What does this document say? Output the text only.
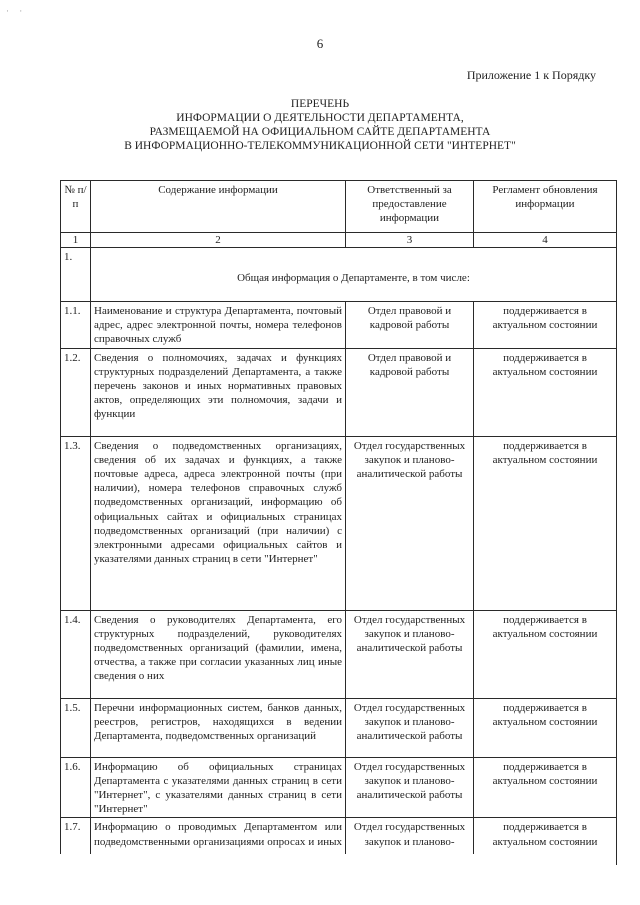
· ·
6
Приложение 1 к Порядку
ПЕРЕЧЕНЬ
ИНФОРМАЦИИ О ДЕЯТЕЛЬНОСТИ ДЕПАРТАМЕНТА,
РАЗМЕЩАЕМОЙ НА ОФИЦИАЛЬНОМ САЙТЕ ДЕПАРТАМЕНТА
В ИНФОРМАЦИОННО-ТЕЛЕКОММУНИКАЦИОННОЙ СЕТИ "ИНТЕРНЕТ"
№ п/п	Содержание информации	Ответственный за предоставление информации	Регламент обновления информации
1	2	3	4
1.	Общая информация о Департаменте, в том числе:		
1.1.	Наименование и структура Департамента, почтовый адрес, адрес электронной почты, номера телефонов справочных служб	Отдел правовой и кадровой работы	поддерживается в актуальном состоянии

1.2.	Сведения о полномочиях, задачах и функциях структурных подразделений Департамента, а также перечень законов и иных нормативных правовых актов, определяющих эти полномочия, задачи и функции	Отдел правовой и кадровой работы	поддерживается в актуальном состоянии

1.3.	Сведения о подведомственных организациях, сведения об их задачах и функциях, а также почтовые адреса, адреса электронной почты (при наличии), номера телефонов справочных служб подведомственных организаций, информацию об официальных сайтах и официальных страницах подведомственных организаций (при наличии) с электронными адресами официальных сайтов и указателями данных страниц в сети "Интернет"	Отдел государственных закупок и планово-аналитической работы	поддерживается в актуальном состоянии

1.4.	Сведения о руководителях Департамента, его структурных подразделений, руководителях подведомственных организаций (фамилии, имена, отчества, а также при согласии указанных лиц иные сведения о них	Отдел государственных закупок и планово-аналитической работы	поддерживается в актуальном состоянии

1.5.	Перечни информационных систем, банков данных, реестров, регистров, находящихся в ведении Департамента, подведомственных организаций	Отдел государственных закупок и планово-аналитической работы	поддерживается в актуальном состоянии

1.6.	Информацию об официальных страницах Департамента с указателями данных страниц в сети "Интернет", с указателями данных страниц в сети "Интернет"	Отдел государственных закупок и планово-аналитической работы	поддерживается в актуальном состоянии

1.7.	Информацию о проводимых Департаментом или подведомственными организациями опросах и иных	Отдел государственных закупок и планово-	поддерживается в актуальном состоянии
